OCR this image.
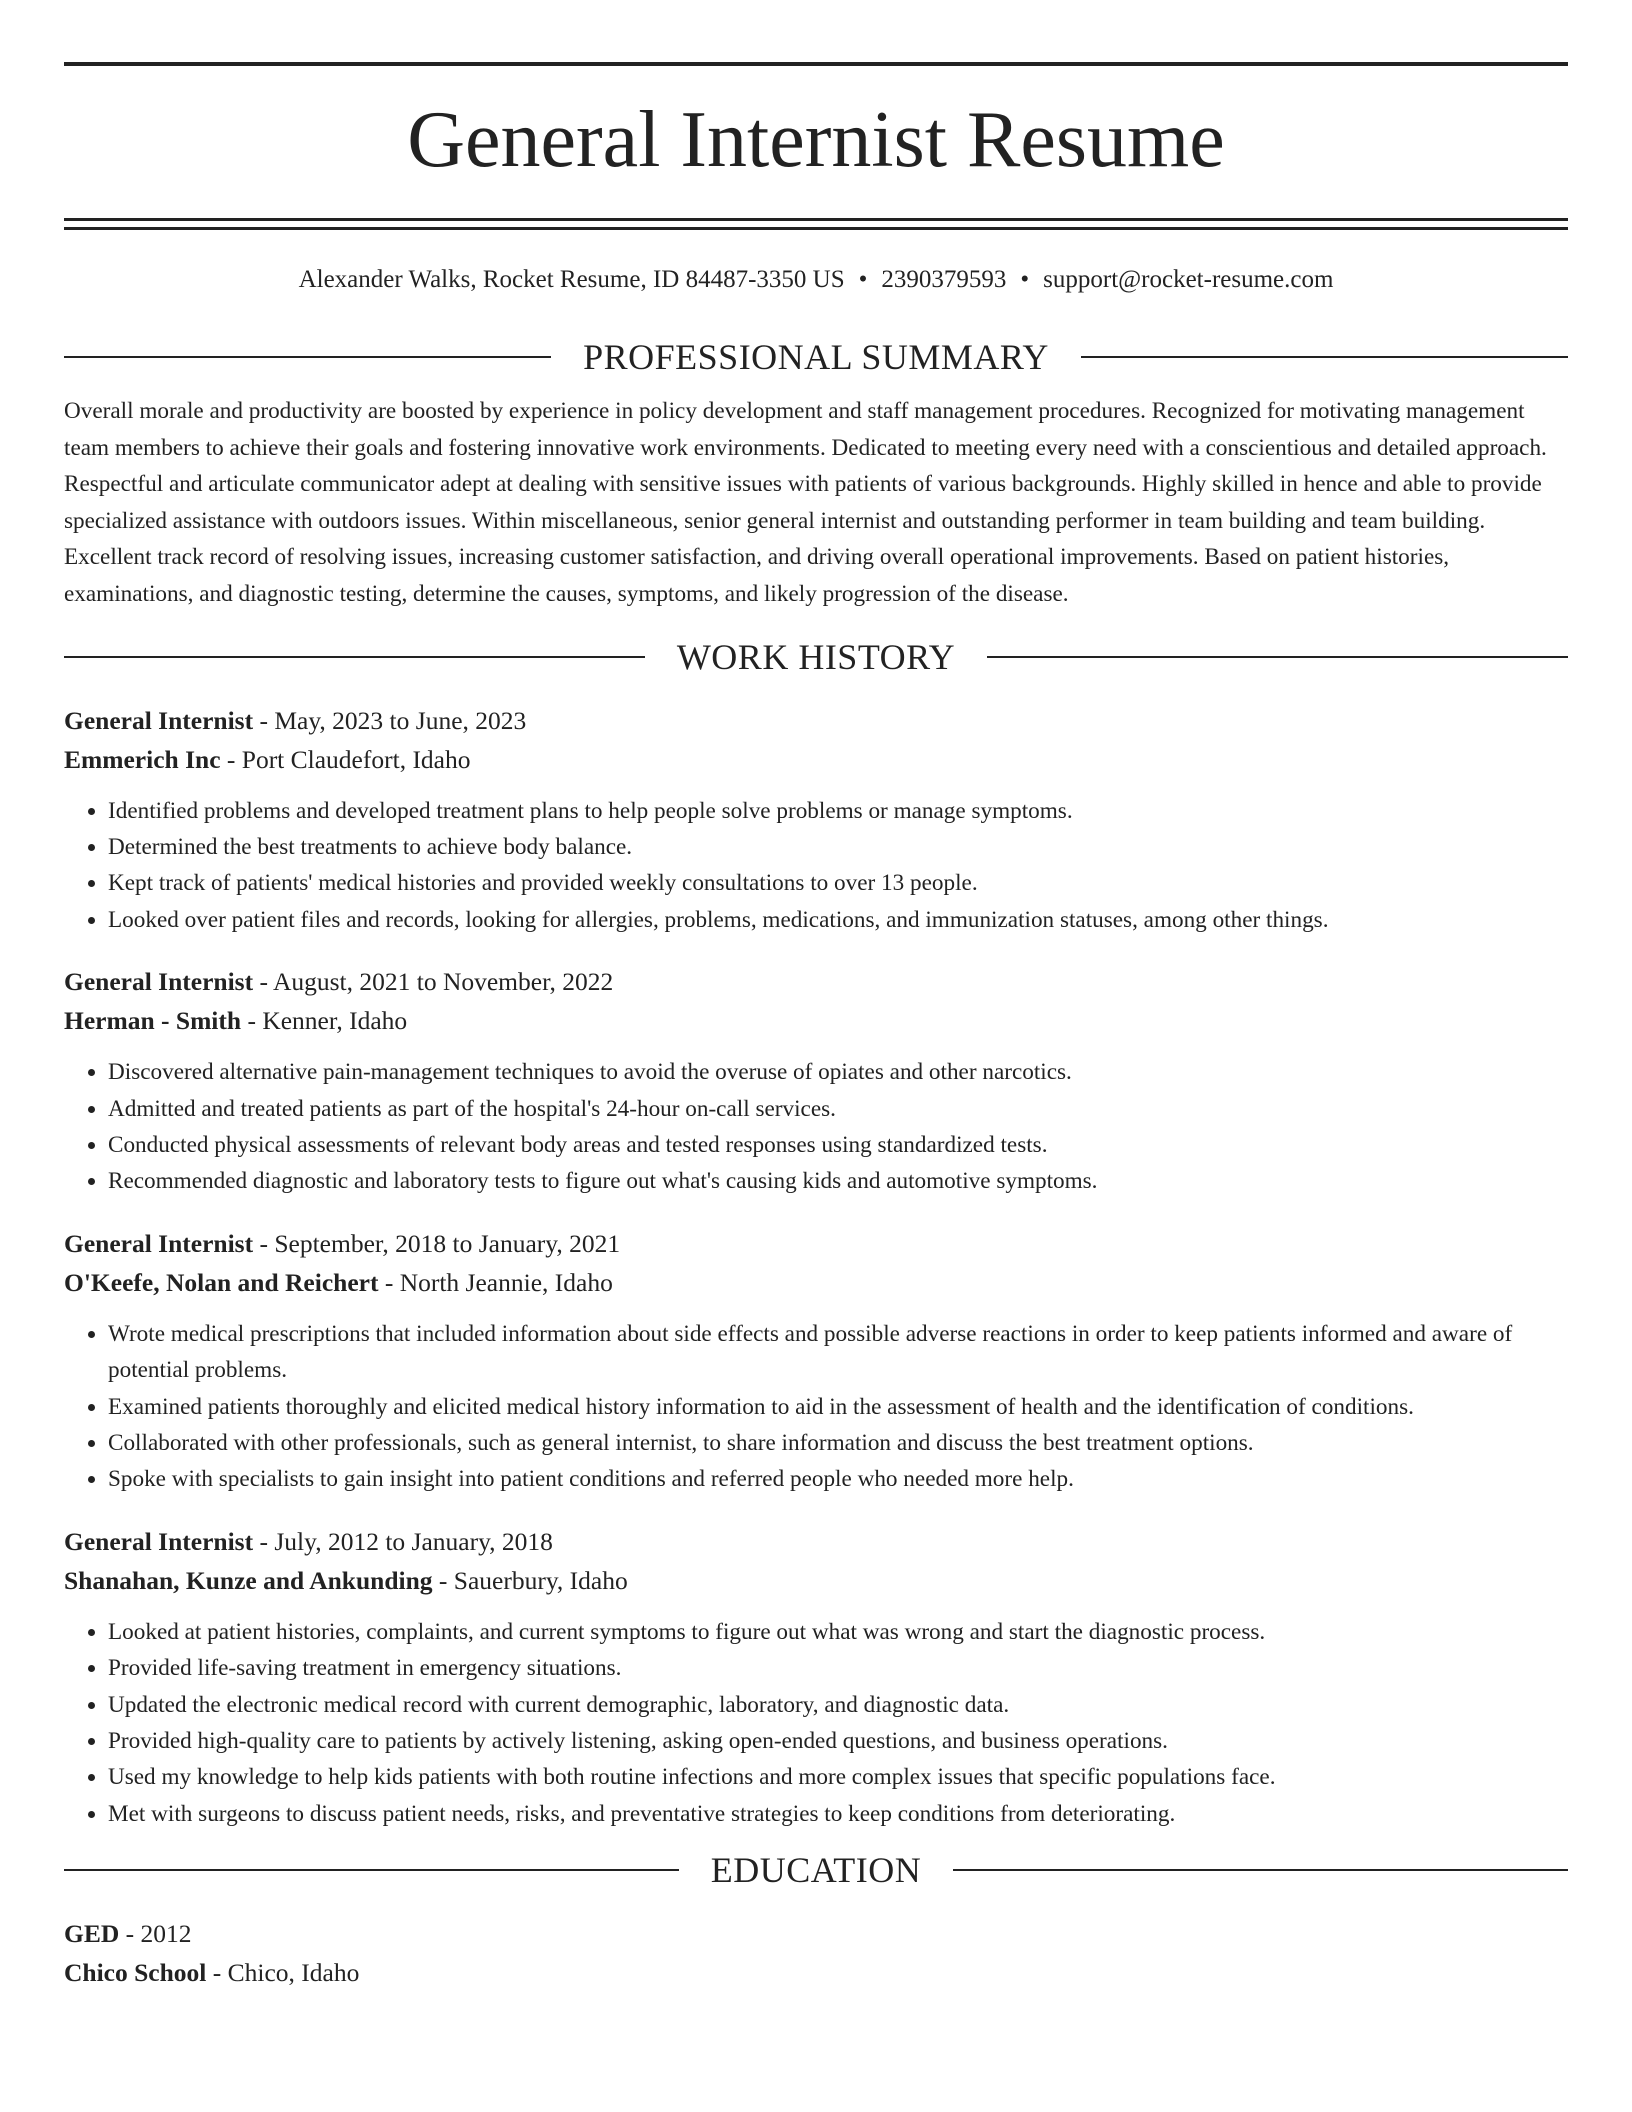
General Internist Resume
Alexander Walks, Rocket Resume, ID 84487-3350 US • 2390379593 • support@rocket-resume.com
PROFESSIONAL SUMMARY

Overall morale and productivity are boosted by experience in policy development and staff management procedures. Recognized for motivating management team members to achieve their goals and fostering innovative work environments. Dedicated to meeting every need with a conscientious and detailed approach. Respectful and articulate communicator adept at dealing with sensitive issues with patients of various backgrounds. Highly skilled in hence and able to provide specialized assistance with outdoors issues. Within miscellaneous, senior general internist and outstanding performer in team building and team building. Excellent track record of resolving issues, increasing customer satisfaction, and driving overall operational improvements. Based on patient histories, examinations, and diagnostic testing, determine the causes, symptoms, and likely progression of the disease.

WORK HISTORY
General Internist - May, 2023 to June, 2023
Emmerich Inc - Port Claudefort, Idaho
• Identified problems and developed treatment plans to help people solve problems or manage symptoms.
• Determined the best treatments to achieve body balance.
• Kept track of patients' medical histories and provided weekly consultations to over 13 people.
• Looked over patient files and records, looking for allergies, problems, medications, and immunization statuses, among other things.
General Internist - August, 2021 to November, 2022
Herman - Smith - Kenner, Idaho
• Discovered alternative pain-management techniques to avoid the overuse of opiates and other narcotics.
• Admitted and treated patients as part of the hospital's 24-hour on-call services.
• Conducted physical assessments of relevant body areas and tested responses using standardized tests.
• Recommended diagnostic and laboratory tests to figure out what's causing kids and automotive symptoms.
General Internist - September, 2018 to January, 2021
O'Keefe, Nolan and Reichert - North Jeannie, Idaho
• Wrote medical prescriptions that included information about side effects and possible adverse reactions in order to keep patients informed and aware of potential problems.
• Examined patients thoroughly and elicited medical history information to aid in the assessment of health and the identification of conditions.
• Collaborated with other professionals, such as general internist, to share information and discuss the best treatment options.
• Spoke with specialists to gain insight into patient conditions and referred people who needed more help.
General Internist - July, 2012 to January, 2018
Shanahan, Kunze and Ankunding - Sauerbury, Idaho
• Looked at patient histories, complaints, and current symptoms to figure out what was wrong and start the diagnostic process.
• Provided life-saving treatment in emergency situations.
• Updated the electronic medical record with current demographic, laboratory, and diagnostic data.
• Provided high-quality care to patients by actively listening, asking open-ended questions, and business operations.
• Used my knowledge to help kids patients with both routine infections and more complex issues that specific populations face.
• Met with surgeons to discuss patient needs, risks, and preventative strategies to keep conditions from deteriorating.
EDUCATION
GED - 2012
Chico School - Chico, Idaho
